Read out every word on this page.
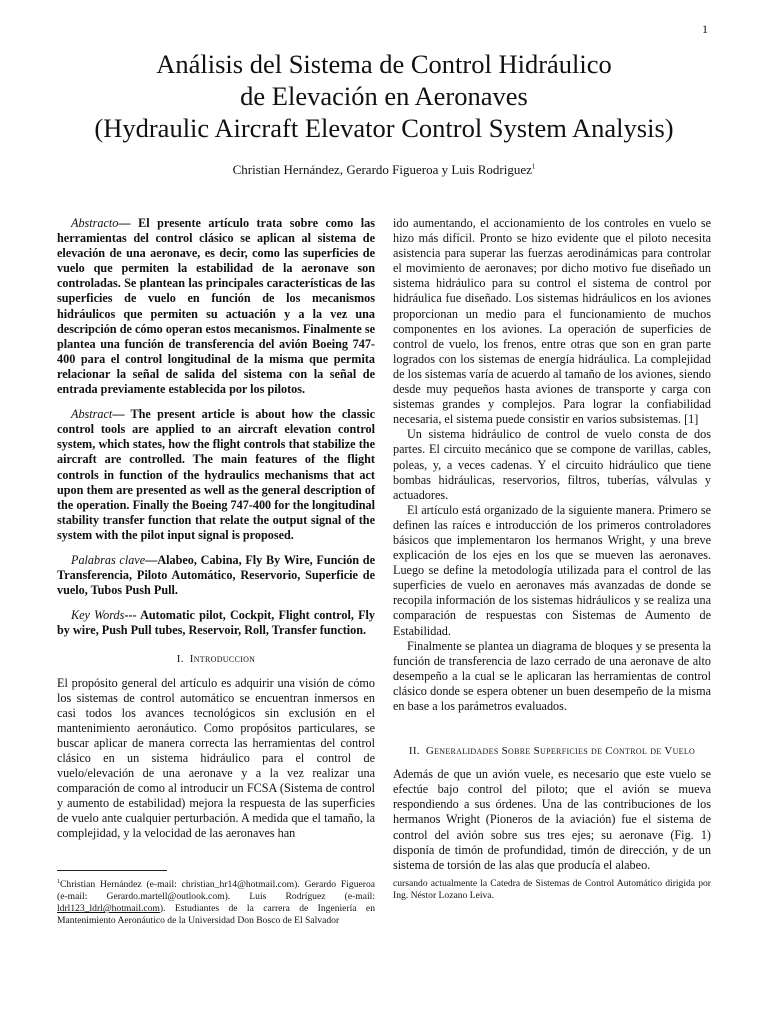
1
Análisis del Sistema de Control Hidráulico
de Elevación en Aeronaves
(Hydraulic Aircraft Elevator Control System Analysis)
Christian Hernández, Gerardo Figueroa y Luis Rodriguez$^1$

Abstracto— El presente artículo trata sobre como las herramientas del control clásico se aplican al sistema de elevación de una aeronave, es decir, como las superficies de vuelo que permiten la estabilidad de la aeronave son controladas. Se plantean las principales características de las superficies de vuelo en función de los mecanismos hidráulicos que permiten su actuación y a la vez una descripción de cómo operan estos mecanismos. Finalmente se plantea una función de transferencia del avión Boeing 747-400 para el control longitudinal de la misma que permita relacionar la señal de salida del sistema con la señal de entrada previamente establecida por los pilotos.

Abstract— The present article is about how the classic control tools are applied to an aircraft elevation control system, which states, how the flight controls that stabilize the aircraft are controlled. The main features of the flight controls in function of the hydraulics mechanisms that act upon them are presented as well as the general description of the operation. Finally the Boeing 747-400 for the longitudinal stability transfer function that relate the output signal of the system with the pilot input signal is proposed.

Palabras clave—Alabeo, Cabina, Fly By Wire, Función de Transferencia, Piloto Automático, Reservorio, Superficie de vuelo, Tubos Push Pull.

Key Words--- Automatic pilot, Cockpit, Flight control, Fly by wire, Push Pull tubes, Reservoir, Roll, Transfer function.

I. Introduccion

El propósito general del artículo es adquirir una visión de cómo los sistemas de control automático se encuentran inmersos en casi todos los avances tecnológicos sin exclusión en el mantenimiento aeronáutico. Como propósitos particulares, se buscar aplicar de manera correcta las herramientas del control clásico en un sistema hidráulico para el control de vuelo/elevación de una aeronave y a la vez realizar una comparación de como al introducir un FCSA (Sistema de control y aumento de estabilidad) mejora la respuesta de las superficies de vuelo ante cualquier perturbación. A medida que el tamaño, la complejidad, y la velocidad de las aeronaves han

ido aumentando, el accionamiento de los controles en vuelo se hizo más difícil. Pronto se hizo evidente que el piloto necesita asistencia para superar las fuerzas aerodinámicas para controlar el movimiento de aeronaves; por dicho motivo fue diseñado un sistema hidráulico para su control el sistema de control por hidráulica fue diseñado. Los sistemas hidráulicos en los aviones proporcionan un medio para el funcionamiento de muchos componentes en los aviones. La operación de superficies de control de vuelo, los frenos, entre otras que son en gran parte logrados con los sistemas de energía hidráulica. La complejidad de los sistemas varía de acuerdo al tamaño de los aviones, siendo desde muy pequeños hasta aviones de transporte y carga con sistemas grandes y complejos. Para lograr la confiabilidad necesaria, el sistema puede consistir en varios subsistemas. [1]

Un sistema hidráulico de control de vuelo consta de dos partes. El circuito mecánico que se compone de varillas, cables, poleas, y, a veces cadenas. Y el circuito hidráulico que tiene bombas hidráulicas, reservorios, filtros, tuberías, válvulas y actuadores.

El artículo está organizado de la siguiente manera. Primero se definen las raíces e introducción de los primeros controladores básicos que implementaron los hermanos Wright, y una breve explicación de los ejes en los que se mueven las aeronaves. Luego se define la metodología utilizada para el control de las superficies de vuelo en aeronaves más avanzadas de donde se recopila información de los sistemas hidráulicos y se realiza una comparación de respuestas con Sistemas de Aumento de Estabilidad.

Finalmente se plantea un diagrama de bloques y se presenta la función de transferencia de lazo cerrado de una aeronave de alto desempeño a la cual se le aplicaran las herramientas de control clásico donde se espera obtener un buen desempeño de la misma en base a los parámetros evaluados.

II. Generalidades Sobre Superficies de Control de Vuelo

Además de que un avión vuele, es necesario que este vuelo se efectúe bajo control del piloto; que el avión se mueva respondiendo a sus órdenes. Una de las contribuciones de los hermanos Wright (Pioneros de la aviación) fue el sistema de control del avión sobre sus tres ejes; su aeronave (Fig. 1) disponía de timón de profundidad, timón de dirección, y de un sistema de torsión de las alas que producía el alabeo.

$^1$Christian Hernández (e-mail: christian_hr14@hotmail.com). Gerardo Figueroa (e-mail: Gerardo.martell@outlook.com). Luis Rodríguez (e-mail: ldrl123_ldrl@hotmail.com). Estudiantes de la carrera de Ingeniería en Mantenimiento Aeronáutico de la Universidad Don Bosco de El Salvador
cursando actualmente la Catedra de Sistemas de Control Automático dirigida por Ing. Néstor Lozano Leiva.
